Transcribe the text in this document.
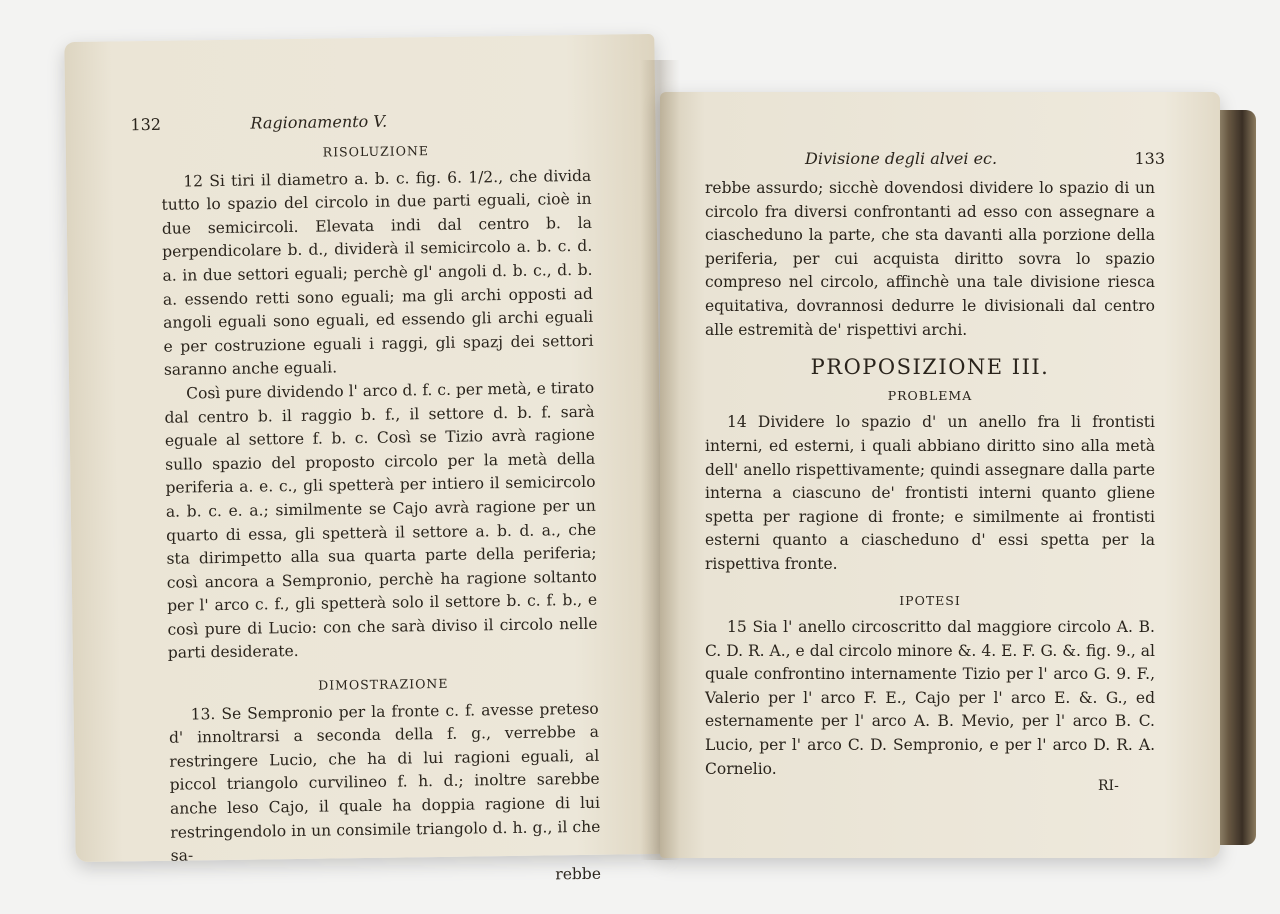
132	Ragionamento V.
RISOLUZIONE

12 Si tiri il diametro a. b. c. fig. 6. 1/2., che divida tutto lo spazio del circolo in due parti eguali, cioè in due semicircoli. Elevata indi dal centro b. la perpendicolare b. d., dividerà il semicircolo a. b. c. d. a. in due settori eguali; perchè gl' angoli d. b. c., d. b. a. essendo retti sono eguali; ma gli archi opposti ad angoli eguali sono eguali, ed essendo gli archi eguali e per costruzione eguali i raggi, gli spazj dei settori saranno anche eguali.

Così pure dividendo l' arco d. f. c. per metà, e tirato dal centro b. il raggio b. f., il settore d. b. f. sarà eguale al settore f. b. c. Così se Tizio avrà ragione sullo spazio del proposto circolo per la metà della periferia a. e. c., gli spetterà per intiero il semicircolo a. b. c. e. a.; similmente se Cajo avrà ragione per un quarto di essa, gli spetterà il settore a. b. d. a., che sta dirimpetto alla sua quarta parte della periferia; così ancora a Sempronio, perchè ha ragione soltanto per l' arco c. f., gli spetterà solo il settore b. c. f. b., e così pure di Lucio: con che sarà diviso il circolo nelle parti desiderate.

DIMOSTRAZIONE

13. Se Sempronio per la fronte c. f. avesse preteso d' innoltrarsi a seconda della f. g., verrebbe a restringere Lucio, che ha di lui ragioni eguali, al piccol triangolo curvilineo f. h. d.; inoltre sarebbe anche leso Cajo, il quale ha doppia ragione di lui restringendolo in un consimile triangolo d. h. g., il che sa-

rebbe

Divisione degli alvei ec.	133

rebbe assurdo; sicchè dovendosi dividere lo spazio di un circolo fra diversi confrontanti ad esso con assegnare a ciascheduno la parte, che sta davanti alla porzione della periferia, per cui acquista diritto sovra lo spazio compreso nel circolo, affinchè una tale divisione riesca equitativa, dovrannosi dedurre le divisionali dal centro alle estremità de' rispettivi archi.

PROPOSIZIONE III.
PROBLEMA

14 Dividere lo spazio d' un anello fra li frontisti interni, ed esterni, i quali abbiano diritto sino alla metà dell' anello rispettivamente; quindi assegnare dalla parte interna a ciascuno de' frontisti interni quanto gliene spetta per ragione di fronte; e similmente ai frontisti esterni quanto a ciascheduno d' essi spetta per la rispettiva fronte.

IPOTESI

15 Sia l' anello circoscritto dal maggiore circolo A. B. C. D. R. A., e dal circolo minore &. 4. E. F. G. &. fig. 9., al quale confrontino internamente Tizio per l' arco G. 9. F., Valerio per l' arco F. E., Cajo per l' arco E. &. G., ed esternamente per l' arco A. B. Mevio, per l' arco B. C. Lucio, per l' arco C. D. Sempronio, e per l' arco D. R. A. Cornelio.

RI-
